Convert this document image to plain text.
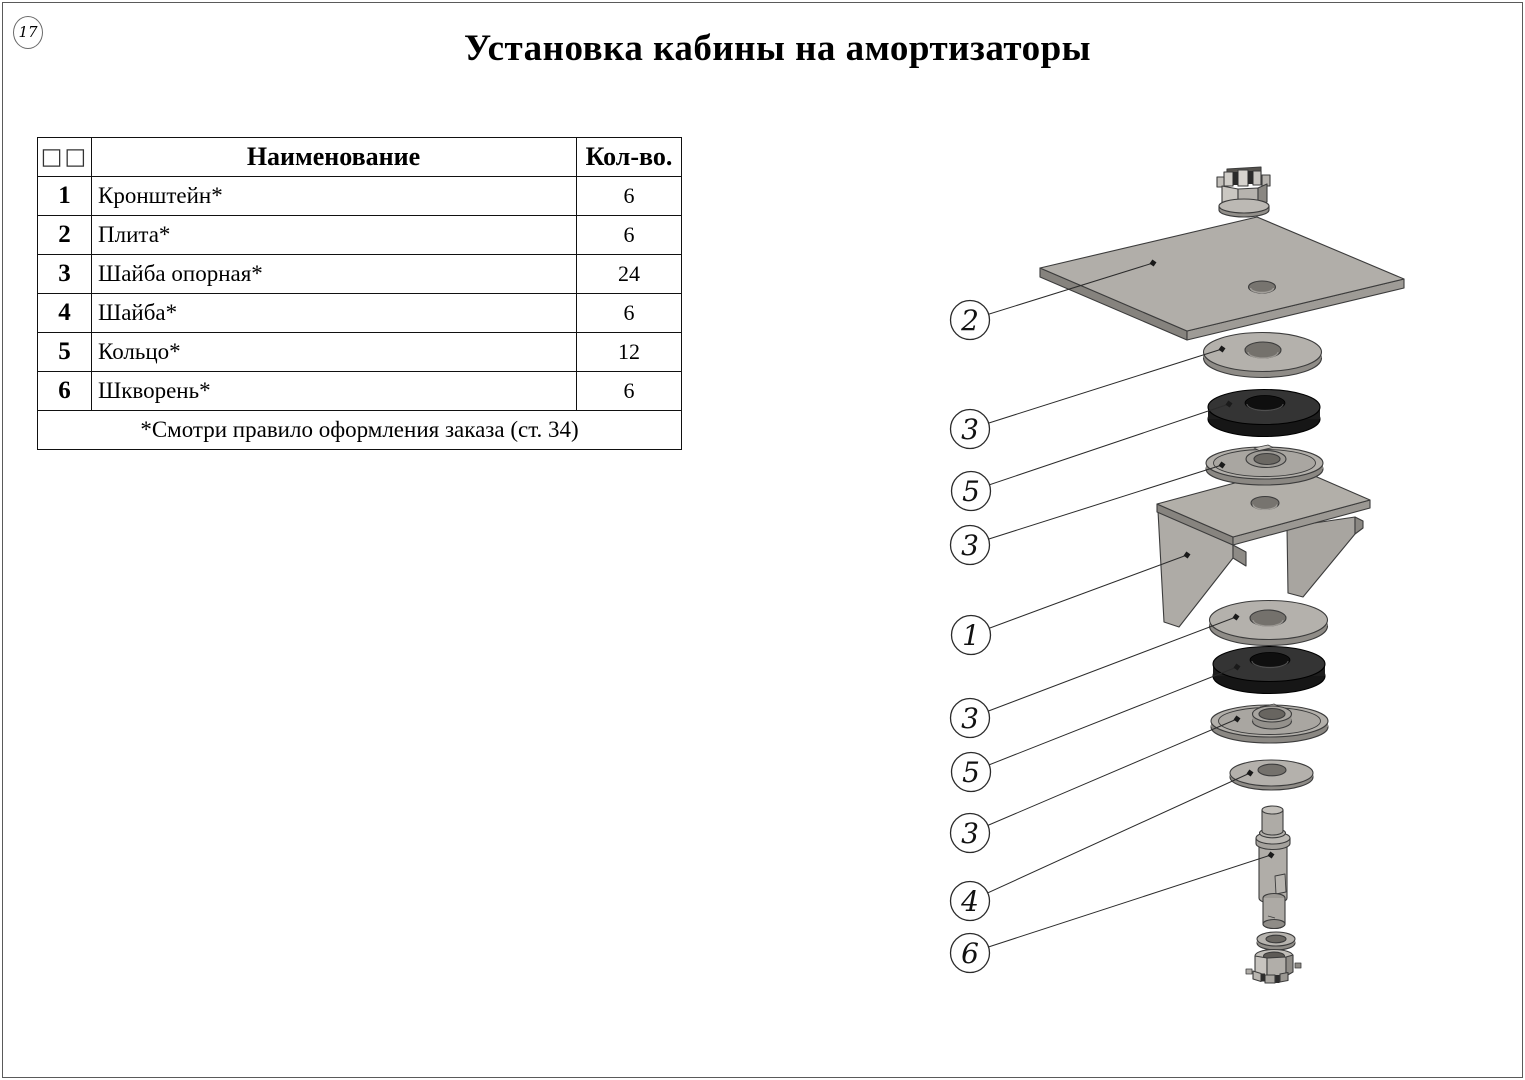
17	Установка кабины на амортизаторы
□□	Наименование	Кол-во.
1	Кронштейн*	6
2	Плита*	6
3	Шайба опорная*	24
4	Шайба*	6
5	Кольцо*	12
6	Шкворень*	6
*Смотри правило оформления заказа (ст. 34)		
2
3
5
3
1
3
5
3
4
6
